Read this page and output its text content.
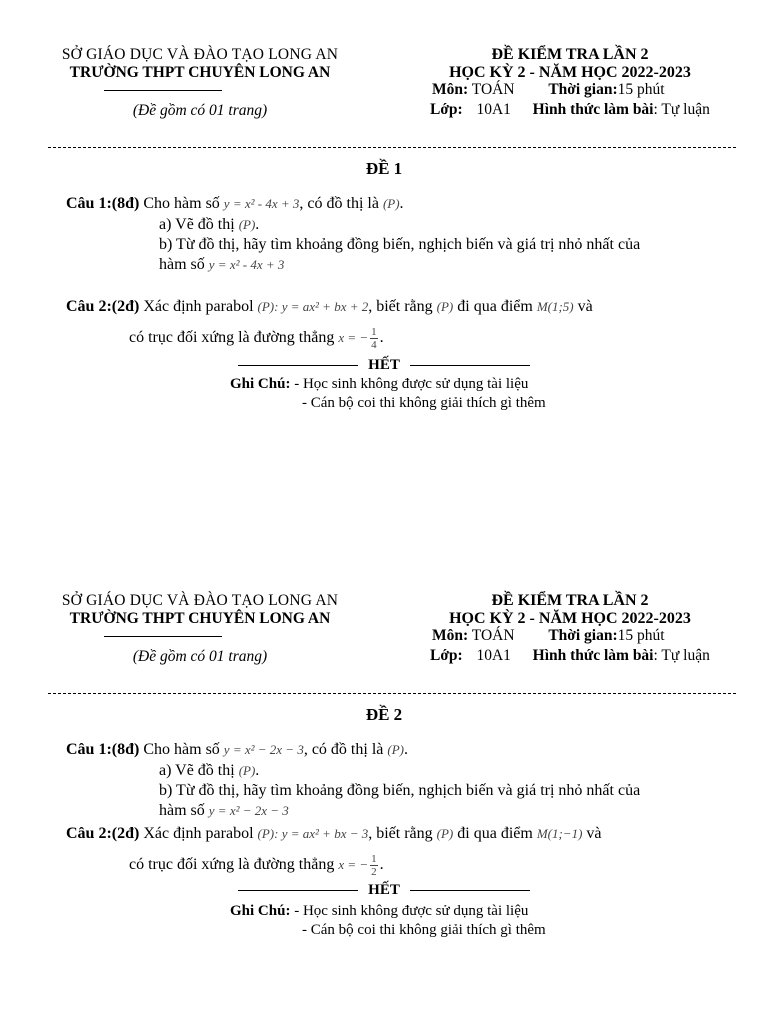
SỞ GIÁO DỤC VÀ ĐÀO TẠO LONG AN
TRƯỜNG THPT CHUYÊN LONG AN
(Đề gồm có 01 trang)
ĐỀ KIỂM TRA LẦN 2
HỌC KỲ 2 - NĂM HỌC 2022-2023
Môn: TOÁN Thời gian:15 phút
Lớp: 10A1 Hình thức làm bài: Tự luận
ĐỀ 1
Câu 1:(8đ) Cho hàm số y = x² - 4x + 3, có đồ thị là (P).
a) Vẽ đồ thị (P).
b) Từ đồ thị, hãy tìm khoảng đồng biến, nghịch biến và giá trị nhỏ nhất của
hàm số y = x² - 4x + 3
Câu 2:(2đ) Xác định parabol (P): y = ax² + bx + 2, biết rằng (P) đi qua điểm M(1;5) và
có trục đối xứng là đường thẳng x = − $\frac{1}{4}$ .
HẾT
Ghi Chú: - Học sinh không được sử dụng tài liệu
- Cán bộ coi thi không giải thích gì thêm
SỞ GIÁO DỤC VÀ ĐÀO TẠO LONG AN
TRƯỜNG THPT CHUYÊN LONG AN
(Đề gồm có 01 trang)
ĐỀ KIỂM TRA LẦN 2
HỌC KỲ 2 - NĂM HỌC 2022-2023
Môn: TOÁN Thời gian:15 phút
Lớp: 10A1 Hình thức làm bài: Tự luận
ĐỀ 2
Câu 1:(8đ) Cho hàm số y = x² − 2x − 3, có đồ thị là (P).
a) Vẽ đồ thị (P).
b) Từ đồ thị, hãy tìm khoảng đồng biến, nghịch biến và giá trị nhỏ nhất của
hàm số y = x² − 2x − 3
Câu 2:(2đ) Xác định parabol (P): y = ax² + bx − 3, biết rằng (P) đi qua điểm M(1;−1) và
có trục đối xứng là đường thẳng x = − $\frac{1}{2}$ .
HẾT
Ghi Chú: - Học sinh không được sử dụng tài liệu
- Cán bộ coi thi không giải thích gì thêm
